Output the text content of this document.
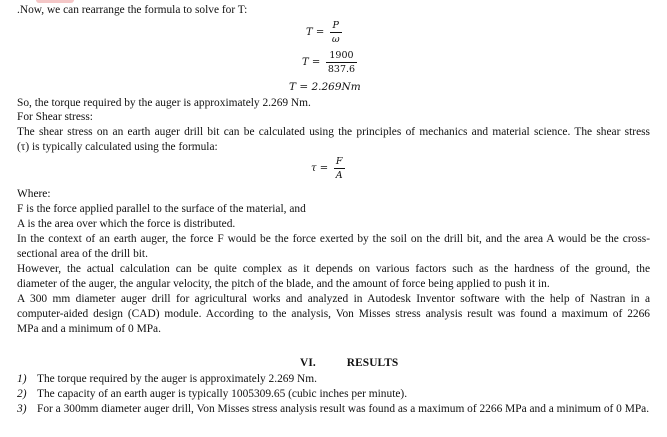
.Now, we can rearrange the formula to solve for T:
$T = \frac{P}{\omega}$
$T = \frac{1900}{837.6}$
T = 2.269Nm
So, the torque required by the auger is approximately 2.269 Nm.
For Shear stress:
The shear stress on an earth auger drill bit can be calculated using the principles of mechanics and material science. The shear stress
(τ) is typically calculated using the formula:
$\tau = \frac{F}{A}$
Where:
F is the force applied parallel to the surface of the material, and
A is the area over which the force is distributed.
In the context of an earth auger, the force F would be the force exerted by the soil on the drill bit, and the area A would be the cross-
sectional area of the drill bit.
However, the actual calculation can be quite complex as it depends on various factors such as the hardness of the ground, the
diameter of the auger, the angular velocity, the pitch of the blade, and the amount of force being applied to push it in.
A 300 mm diameter auger drill for agricultural works and analyzed in Autodesk Inventor software with the help of Nastran in a
computer-aided design (CAD) module. According to the analysis, Von Misses stress analysis result was found a maximum of 2266
MPa and a minimum of 0 MPa.
VI.	RESULTS
1) The torque required by the auger is approximately 2.269 Nm.
2) The capacity of an earth auger is typically 1005309.65 (cubic inches per minute).
3) For a 300mm diameter auger drill, Von Misses stress analysis result was found as a maximum of 2266 MPa and a minimum of 0 MPa.
